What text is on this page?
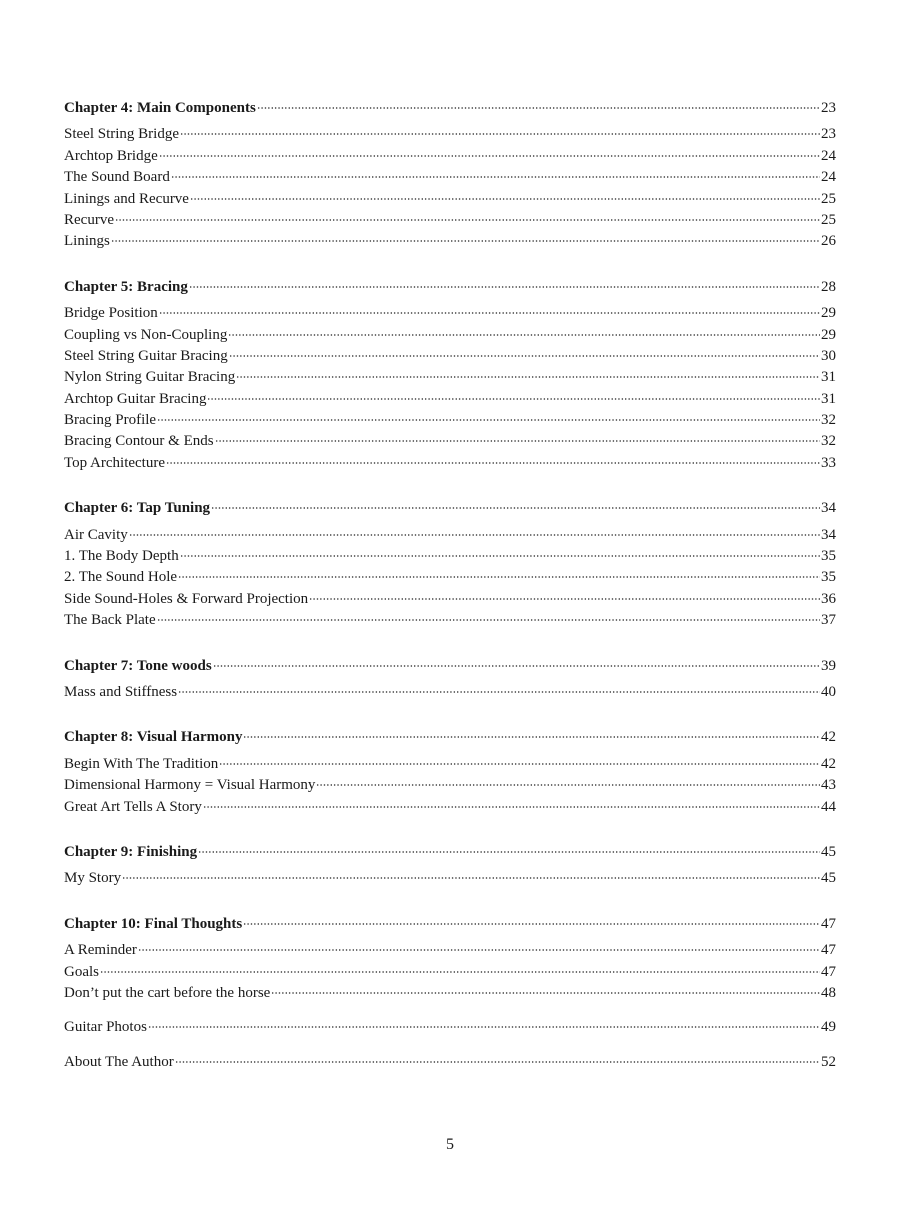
Chapter 4: Main Components	23
Steel String Bridge	23
Archtop Bridge	24
The Sound Board	24
Linings and Recurve	25
Recurve	25
Linings	26
Chapter 5: Bracing	28
Bridge Position	29
Coupling vs Non-Coupling	29
Steel String Guitar Bracing	30
Nylon String Guitar Bracing	31
Archtop Guitar Bracing	31
Bracing Profile	32
Bracing Contour & Ends	32
Top Architecture	33
Chapter 6: Tap Tuning	34
Air Cavity	34
1. The Body Depth	35
2. The Sound Hole	35
Side Sound-Holes & Forward Projection	36
The Back Plate	37
Chapter 7: Tone woods	39
Mass and Stiffness	40
Chapter 8: Visual Harmony	42
Begin With The Tradition	42
Dimensional Harmony = Visual Harmony	43
Great Art Tells A Story	44
Chapter 9: Finishing	45
My Story	45
Chapter 10: Final Thoughts	47
A Reminder	47
Goals	47
Don’t put the cart before the horse	48
Guitar Photos	49
About The Author	52
5
